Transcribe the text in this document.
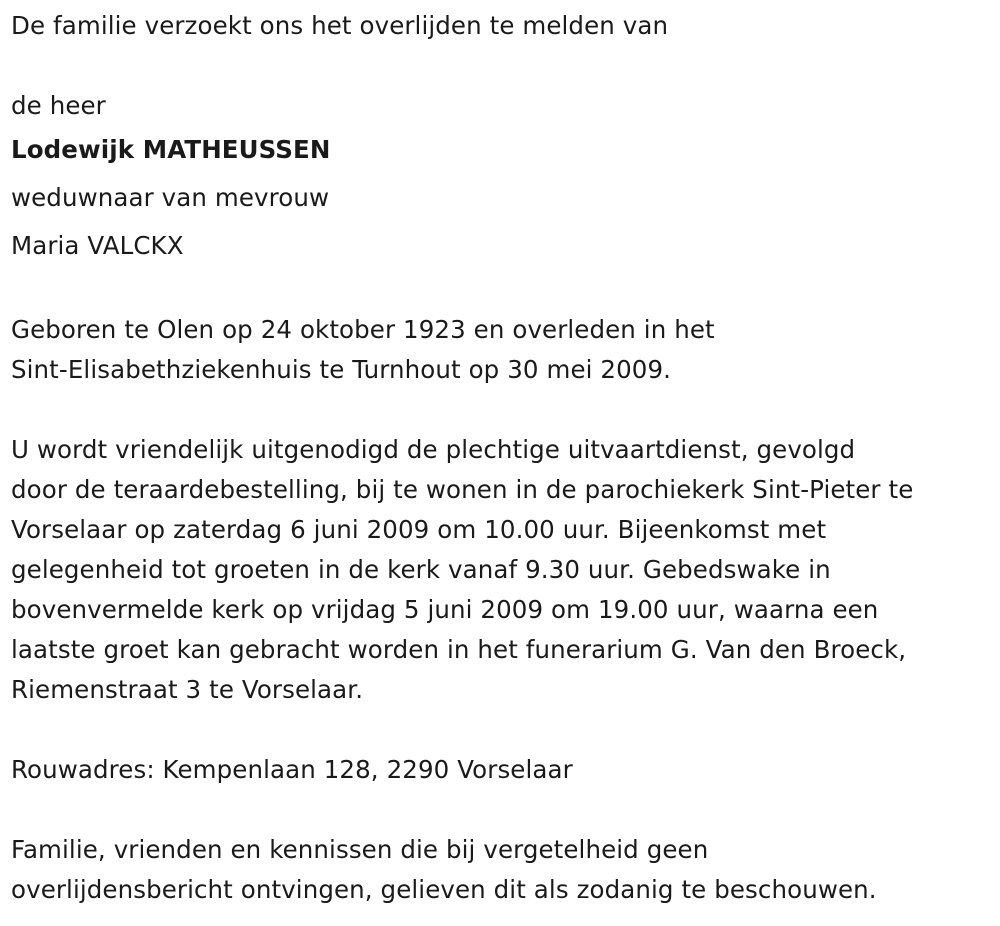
De familie verzoekt ons het overlijden te melden van
de heer
Lodewijk MATHEUSSEN
weduwnaar van mevrouw
Maria VALCKX
Geboren te Olen op 24 oktober 1923 en overleden in het
Sint-Elisabethziekenhuis te Turnhout op 30 mei 2009.
U wordt vriendelijk uitgenodigd de plechtige uitvaartdienst, gevolgd
door de teraardebestelling, bij te wonen in de parochiekerk Sint-Pieter te
Vorselaar op zaterdag 6 juni 2009 om 10.00 uur. Bijeenkomst met
gelegenheid tot groeten in de kerk vanaf 9.30 uur. Gebedswake in
bovenvermelde kerk op vrijdag 5 juni 2009 om 19.00 uur, waarna een
laatste groet kan gebracht worden in het funerarium G. Van den Broeck,
Riemenstraat 3 te Vorselaar.
Rouwadres: Kempenlaan 128, 2290 Vorselaar
Familie, vrienden en kennissen die bij vergetelheid geen
overlijdensbericht ontvingen, gelieven dit als zodanig te beschouwen.
